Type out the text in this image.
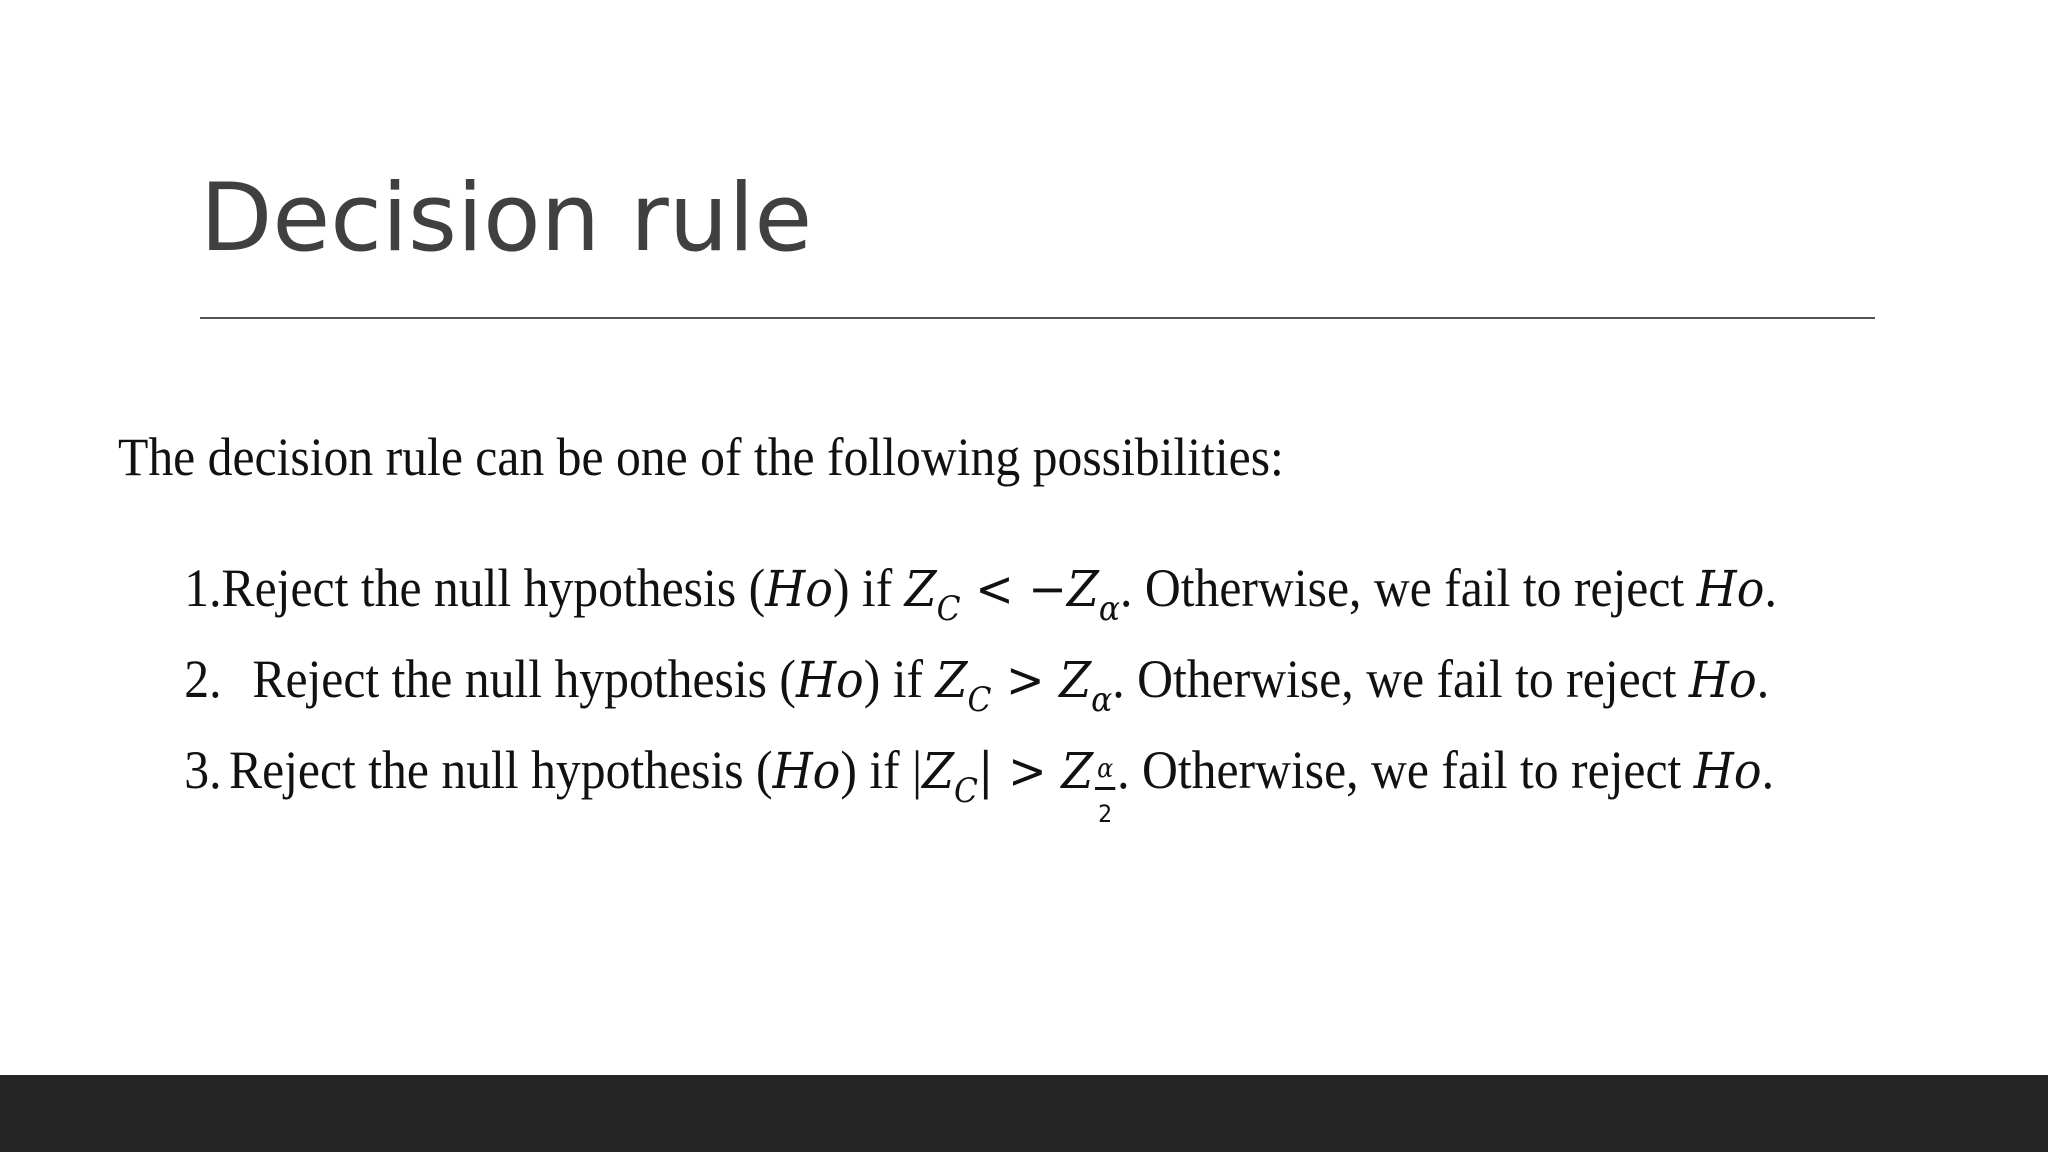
Decision rule
The decision rule can be one of the following possibilities:
1. Reject the null hypothesis (Ho) if $Z_C < -Z_\alpha$. Otherwise, we fail to reject Ho.
2. Reject the null hypothesis (Ho) if $Z_C > Z_\alpha$. Otherwise, we fail to reject Ho.
3. Reject the null hypothesis (Ho) if $|Z_C| > Z \frac{\alpha}{2}$ . Otherwise, we fail to reject Ho.
